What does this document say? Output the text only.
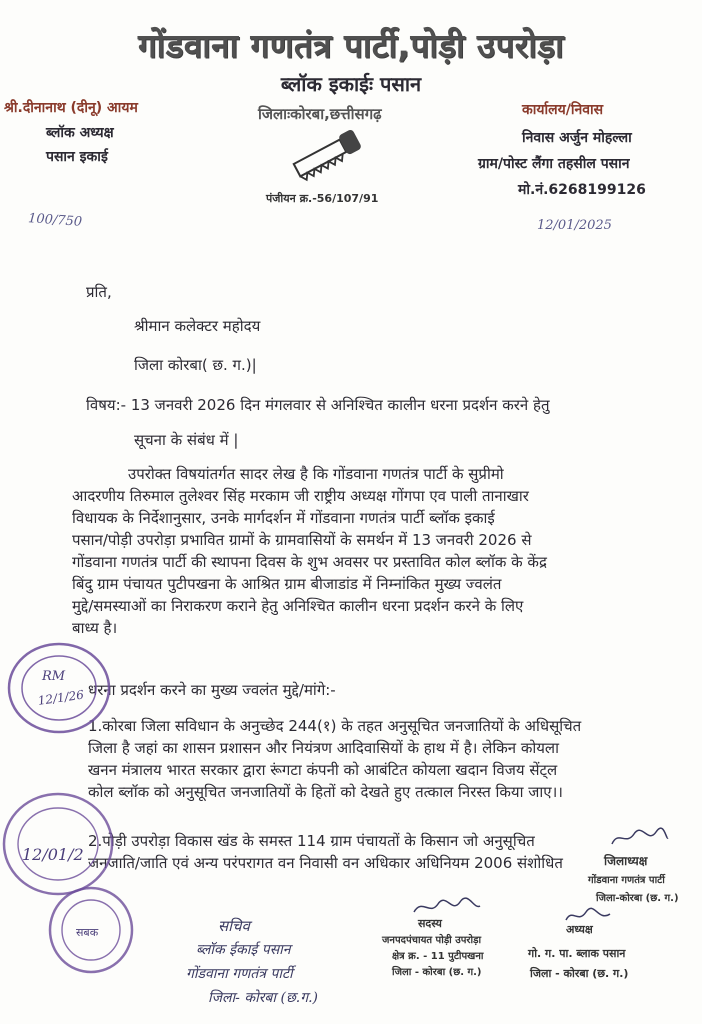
गोंडवाना गणतंत्र पार्टी,पोड़ी उपरोड़ा
ब्लॉक इकाईः पसान
श्री.दीनानाथ (दीनू) आयम
ब्लॉक अध्यक्ष
पसान इकाई
जिलाःकोरबा,छत्तीसगढ़	कार्यालय/निवास
निवास अर्जुन मोहल्ला
ग्राम/पोस्ट लैंगा तहसील पसान
मो.नं.6268199126
पंजीयन क्र.-56/107/91
100/750	12/01/2025
प्रति,
श्रीमान कलेक्टर महोदय
जिला कोरबा( छ. ग.)|
विषय:- 13 जनवरी 2026 दिन मंगलवार से अनिश्चित कालीन धरना प्रदर्शन करने हेतु
सूचना के संबंध में |
उपरोक्त विषयांतर्गत सादर लेख है कि गोंडवाना गणतंत्र पार्टी के सुप्रीमो
आदरणीय तिरुमाल तुलेश्वर सिंह मरकाम जी राष्ट्रीय अध्यक्ष गोंगपा एव पाली तानाखार
विधायक के निर्देशानुसार, उनके मार्गदर्शन में गोंडवाना गणतंत्र पार्टी ब्लॉक इकाई
पसान/पोड़ी उपरोड़ा प्रभावित ग्रामों के ग्रामवासियों के समर्थन में 13 जनवरी 2026 से
गोंडवाना गणतंत्र पार्टी की स्थापना दिवस के शुभ अवसर पर प्रस्तावित कोल ब्लॉक के केंद्र
बिंदु ग्राम पंचायत पुटीपखना के आश्रित ग्राम बीजाडांड में निम्नांकित मुख्य ज्वलंत
मुद्दे/समस्याओं का निराकरण कराने हेतु अनिश्चित कालीन धरना प्रदर्शन करने के लिए
बाध्य है।
धरना प्रदर्शन करने का मुख्य ज्वलंत मुद्दे/मांगे:-
1.कोरबा जिला सविधान के अनुच्छेद 244(१) के तहत अनुसूचित जनजातियों के अधिसूचित
जिला है जहां का शासन प्रशासन और नियंत्रण आदिवासियों के हाथ में है। लेकिन कोयला
खनन मंत्रालय भारत सरकार द्वारा रूंगटा कंपनी को आबंटित कोयला खदान विजय सेंट्ल
कोल ब्लॉक को अनुसूचित जनजातियों के हितों को देखते हुए तत्काल निरस्त किया जाए।।
2.पोड़ी उपरोड़ा विकास खंड के समस्त 114 ग्राम पंचायतों के किसान जो अनुसूचित
जनजाति/जाति एवं अन्य परंपरागत वन निवासी वन अधिकार अधिनियम 2006 संशोधित
RM
12/1/26
12/01/2
सबक	सचिव
ब्लॉक ईकाई पसान
गोंडवाना गणतंत्र पार्टी
जिला- कोरबा (छ.ग.)
सदस्य
जनपदपंचायत पोड़ी उपरोड़ा
क्षेत्र क्र. - 11 पुटीपखना
जिला - कोरबा (छ. ग.)
अध्यक्ष
गो. ग. पा. ब्लाक पसान
जिला - कोरबा (छ. ग.)
जिलाध्यक्ष
गोंडवाना गणतंत्र पार्टी
जिला-कोरबा (छ. ग.)
